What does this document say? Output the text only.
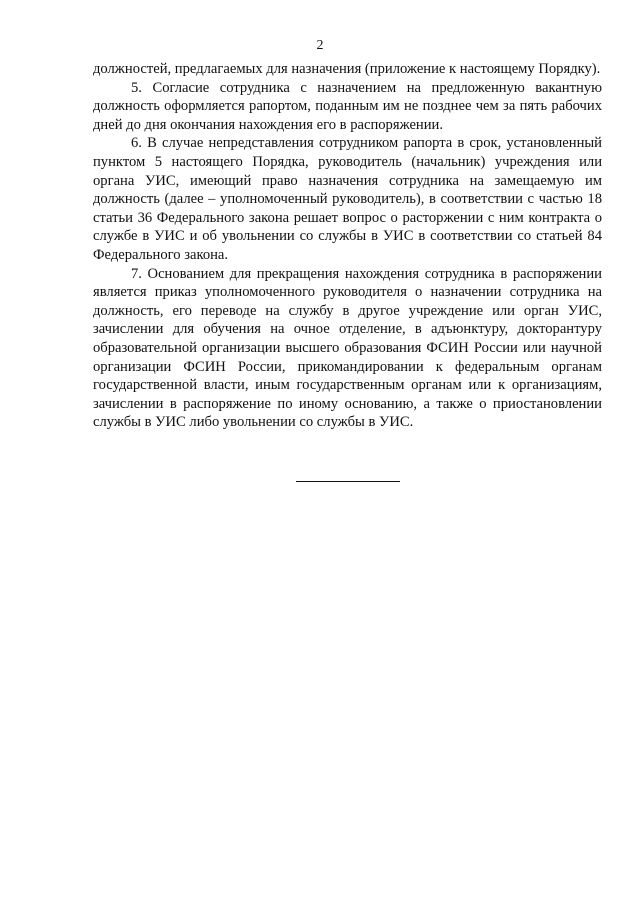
2

должностей, предлагаемых для назначения (приложение к настоящему Порядку).

5. Согласие сотрудника с назначением на предложенную вакантную должность оформляется рапортом, поданным им не позднее чем за пять рабочих дней до дня окончания нахождения его в распоряжении.

6. В случае непредставления сотрудником рапорта в срок, установленный пунктом 5 настоящего Порядка, руководитель (начальник) учреждения или органа УИС, имеющий право назначения сотрудника на замещаемую им должность (далее – уполномоченный руководитель), в соответствии с частью 18 статьи 36 Федерального закона решает вопрос о расторжении с ним контракта о службе в УИС и об увольнении со службы в УИС в соответствии со статьей 84 Федерального закона.

7. Основанием для прекращения нахождения сотрудника в распоряжении является приказ уполномоченного руководителя о назначении сотрудника на должность, его переводе на службу в другое учреждение или орган УИС, зачислении для обучения на очное отделение, в адъюнктуру, докторантуру образовательной организации высшего образования ФСИН России или научной организации ФСИН России, прикомандировании к федеральным органам государственной власти, иным государственным органам или к организациям, зачислении в распоряжение по иному основанию, а также о приостановлении службы в УИС либо увольнении со службы в УИС.
